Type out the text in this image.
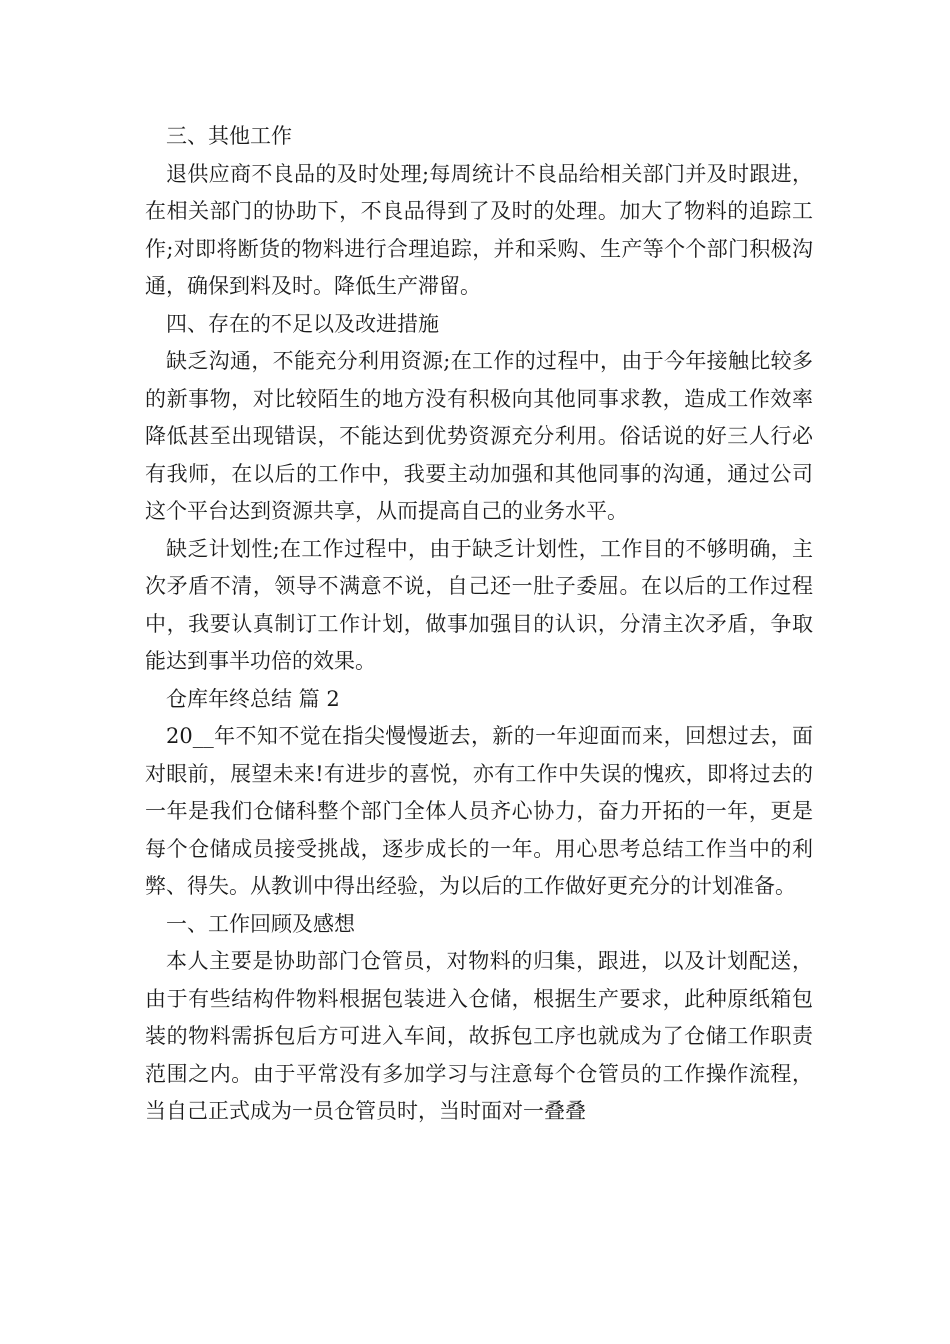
三、其他工作

退供应商不良品的及时处理;每周统计不良品给相关部门并及时跟进，在相关部门的协助下，不良品得到了及时的处理。加大了物料的追踪工作;对即将断货的物料进行合理追踪，并和采购、生产等个个部门积极沟通，确保到料及时。降低生产滞留。

四、存在的不足以及改进措施

缺乏沟通，不能充分利用资源;在工作的过程中，由于今年接触比较多的新事物，对比较陌生的地方没有积极向其他同事求教，造成工作效率降低甚至出现错误，不能达到优势资源充分利用。俗话说的好三人行必有我师，在以后的工作中，我要主动加强和其他同事的沟通，通过公司这个平台达到资源共享，从而提高自己的业务水平。

缺乏计划性;在工作过程中，由于缺乏计划性，工作目的不够明确，主次矛盾不清，领导不满意不说，自己还一肚子委屈。在以后的工作过程中，我要认真制订工作计划，做事加强目的认识，分清主次矛盾，争取能达到事半功倍的效果。

仓库年终总结 篇 2

20__年不知不觉在指尖慢慢逝去，新的一年迎面而来，回想过去，面对眼前，展望未来!有进步的喜悦，亦有工作中失误的愧疚，即将过去的一年是我们仓储科整个部门全体人员齐心协力，奋力开拓的一年，更是每个仓储成员接受挑战，逐步成长的一年。用心思考总结工作当中的利弊、得失。从教训中得出经验，为以后的工作做好更充分的计划准备。

一、工作回顾及感想

本人主要是协助部门仓管员，对物料的归集，跟进，以及计划配送，由于有些结构件物料根据包装进入仓储，根据生产要求，此种原纸箱包装的物料需拆包后方可进入车间，故拆包工序也就成为了仓储工作职责范围之内。由于平常没有多加学习与注意每个仓管员的工作操作流程，当自己正式成为一员仓管员时，当时面对一叠叠
